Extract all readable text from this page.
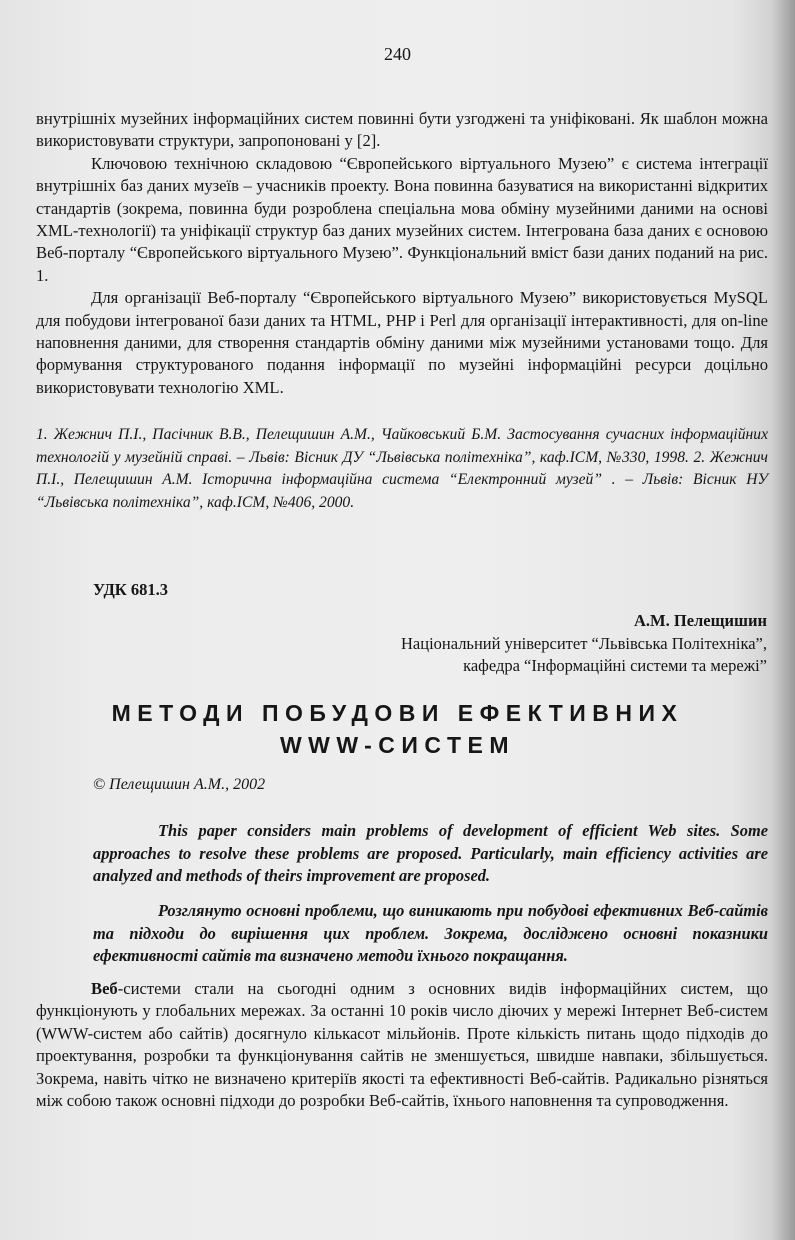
240

внутрішніх музейних інформаційних систем повинні бути узгоджені та уніфіковані. Як шаблон можна використовувати структури, запропоновані у [2].

Ключовою технічною складовою “Європейського віртуального Музею” є система інтеграції внутрішніх баз даних музеїв – учасників проекту. Вона повинна базуватися на використанні відкритих стандартів (зокрема, повинна буди розроблена спеціальна мова обміну музейними даними на основі XML-технології) та уніфікації структур баз даних музейних систем. Інтегрована база даних є основою Веб-порталу “Європейського віртуального Музею”. Функціональний вміст бази даних поданий на рис. 1.

Для організації Веб-порталу “Європейського віртуального Музею” використовується MySQL для побудови інтегрованої бази даних та HTML, PHP і Perl для організації інтерактивності, для on-line наповнення даними, для створення стандартів обміну даними між музейними установами тощо. Для формування структурованого подання інформації по музейні інформаційні ресурси доцільно використовувати технологію XML.

1. Жежнич П.І., Пасічник В.В., Пелещишин А.М., Чайковський Б.М. Застосування сучасних інформаційних технологій у музейній справі. – Львів: Вісник ДУ “Львівська політехніка”, каф.ІСМ, №330, 1998. 2. Жежнич П.І., Пелещишин А.М. Історична інформаційна система “Електронний музей” . – Львів: Вісник НУ “Львівська політехніка”, каф.ІСМ, №406, 2000.
УДК 681.3
А.М. Пелещишин
Національний університет “Львівська Політехніка”,
кафедра “Інформаційні системи та мережі”
МЕТОДИ ПОБУДОВИ ЕФЕКТИВНИХ
WWW-СИСТЕМ
© Пелещишин А.М., 2002

This paper considers main problems of development of efficient Web sites. Some approaches to resolve these problems are proposed. Particularly, main efficiency activities are analyzed and methods of theirs improvement are proposed.

Розглянуто основні проблеми, що виникають при побудові ефективних Веб-сайтів та підходи до вирішення цих проблем. Зокрема, досліджено основні показники ефективності сайтів та визначено методи їхнього покращання.

Веб-системи стали на сьогодні одним з основних видів інформаційних систем, що функціонують у глобальних мережах. За останні 10 років число діючих у мережі Інтернет Веб-систем (WWW-систем або сайтів) досягнуло кількасот мільйонів. Проте кількість питань щодо підходів до проектування, розробки та функціонування сайтів не зменшується, швидше навпаки, збільшується. Зокрема, навіть чітко не визначено критеріїв якості та ефективності Веб-сайтів. Радикально різняться між собою також основні підходи до розробки Веб-сайтів, їхнього наповнення та супроводження.
